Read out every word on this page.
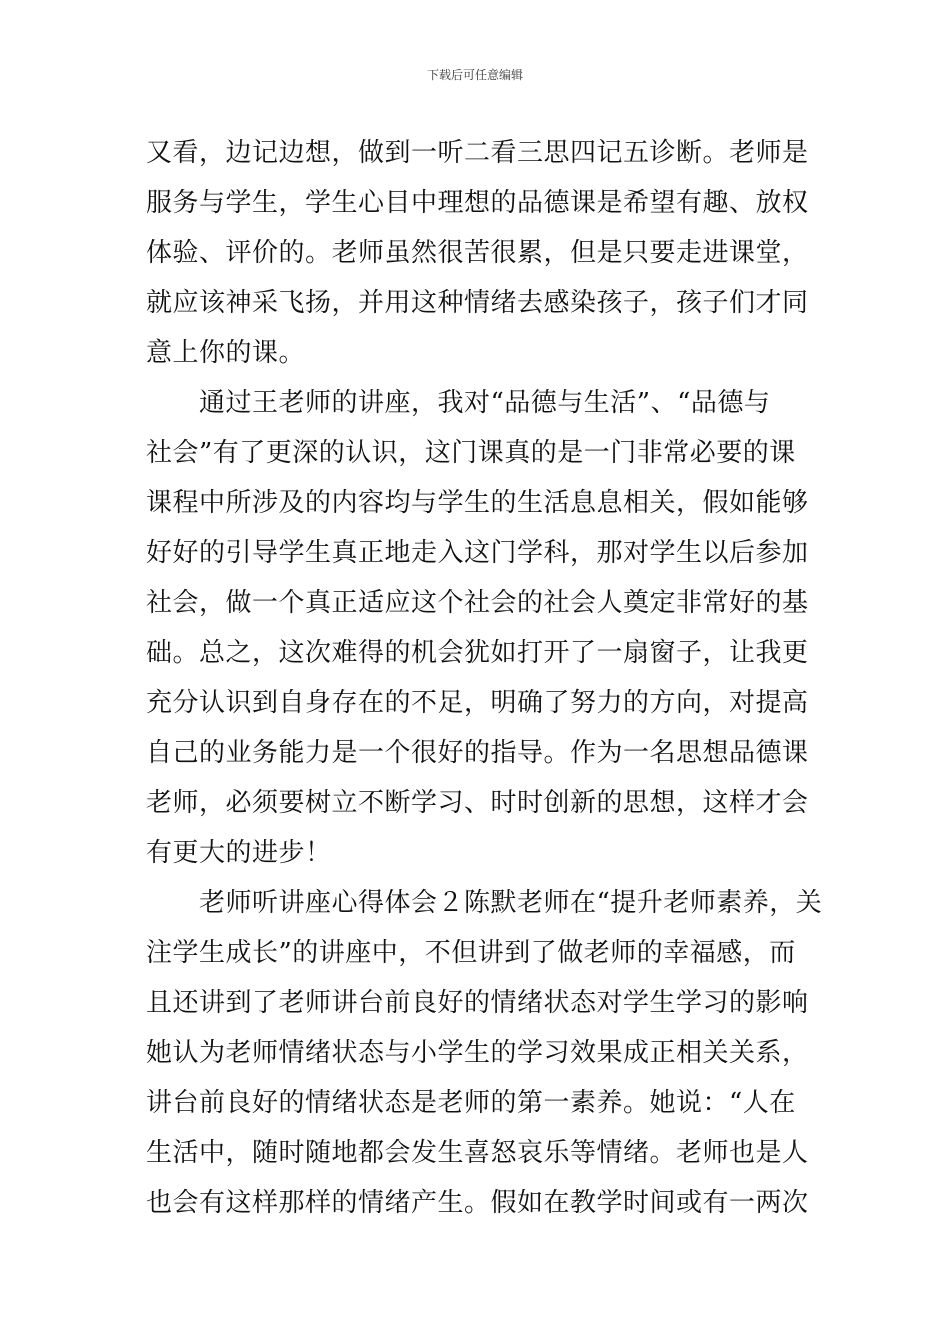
下载后可任意编辑
又看，边记边想，做到一听二看三思四记五诊断。老师是
服务与学生，学生心目中理想的品德课是希望有趣、放权
体验、评价的。老师虽然很苦很累，但是只要走进课堂，
就应该神采飞扬，并用这种情绪去感染孩子，孩子们才同
意上你的课。
　　通过王老师的讲座，我对“品德与生活”、“品德与
社会”有了更深的认识，这门课真的是一门非常必要的课
课程中所涉及的内容均与学生的生活息息相关，假如能够
好好的引导学生真正地走入这门学科，那对学生以后参加
社会，做一个真正适应这个社会的社会人奠定非常好的基
础。总之，这次难得的机会犹如打开了一扇窗子，让我更
充分认识到自身存在的不足，明确了努力的方向，对提高
自己的业务能力是一个很好的指导。作为一名思想品德课
老师，必须要树立不断学习、时时创新的思想，这样才会
有更大的进步！
　　老师听讲座心得体会２陈默老师在“提升老师素养，关
注学生成长”的讲座中，不但讲到了做老师的幸福感，而
且还讲到了老师讲台前良好的情绪状态对学生学习的影响
她认为老师情绪状态与小学生的学习效果成正相关关系，
讲台前良好的情绪状态是老师的第一素养。她说：“人在
生活中，随时随地都会发生喜怒哀乐等情绪。老师也是人
也会有这样那样的情绪产生。假如在教学时间或有一两次
